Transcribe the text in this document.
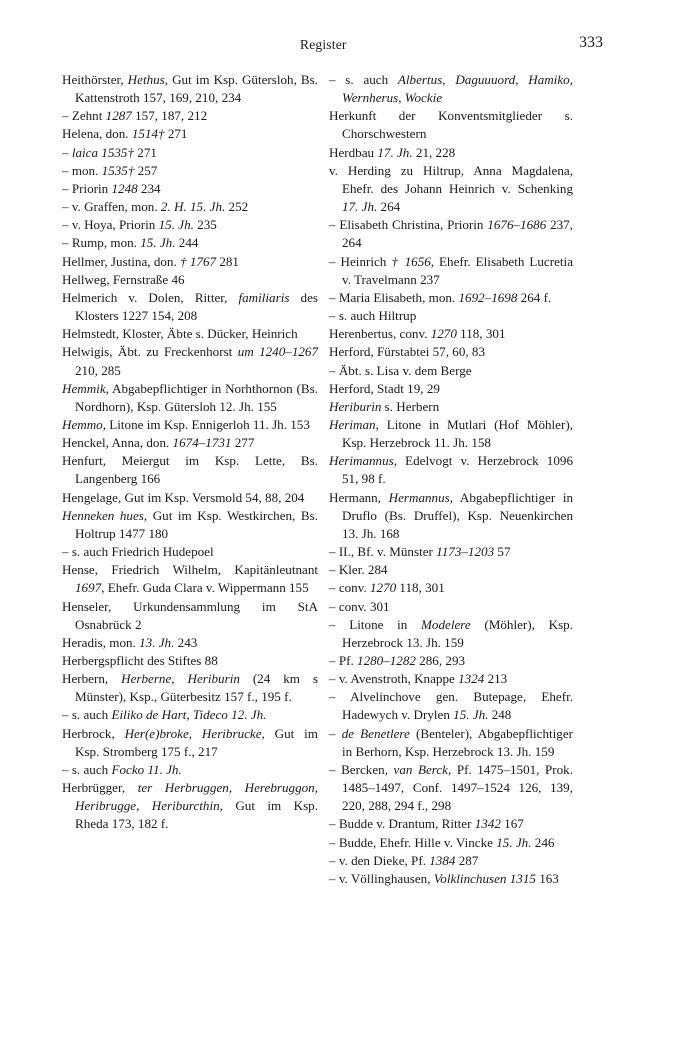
Register	333
Heithörster, Hethus, Gut im Ksp. Gütersloh, Bs. Kattenstroth 157, 169, 210, 234
– Zehnt 1287 157, 187, 212
Helena, don. 1514† 271
– laica 1535† 271
– mon. 1535† 257
– Priorin 1248 234
– v. Graffen, mon. 2. H. 15. Jh. 252
– v. Hoya, Priorin 15. Jh. 235
– Rump, mon. 15. Jh. 244
Hellmer, Justina, don. † 1767 281
Hellweg, Fernstraße 46
Helmerich v. Dolen, Ritter, familiaris des Klosters 1227 154, 208
Helmstedt, Kloster, Äbte s. Dücker, Heinrich
Helwigis, Äbt. zu Freckenhorst um 1240–1267 210, 285
Hemmik, Abgabepflichtiger in Norhthornon (Bs. Nordhorn), Ksp. Gütersloh 12. Jh. 155
Hemmo, Litone im Ksp. Ennigerloh 11. Jh. 153
Henckel, Anna, don. 1674–1731 277
Henfurt, Meiergut im Ksp. Lette, Bs. Langenberg 166
Hengelage, Gut im Ksp. Versmold 54, 88, 204
Henneken hues, Gut im Ksp. Westkirchen, Bs. Holtrup 1477 180
– s. auch Friedrich Hudepoel
Hense, Friedrich Wilhelm, Kapitänleutnant 1697, Ehefr. Guda Clara v. Wippermann 155
Henseler, Urkundensammlung im StA Osnabrück 2
Heradis, mon. 13. Jh. 243
Herbergspflicht des Stiftes 88
Herbern, Herberne, Heriburin (24 km s Münster), Ksp., Güterbesitz 157 f., 195 f.
– s. auch Eiliko de Hart, Tideco 12. Jh.
Herbrock, Her(e)broke, Heribrucke, Gut im Ksp. Stromberg 175 f., 217
– s. auch Focko 11. Jh.
Herbrügger, ter Herbruggen, Herebruggon, Heribrugge, Heriburcthin, Gut im Ksp. Rheda 173, 182 f.
– s. auch Albertus, Daguuuord, Hamiko, Wernherus, Wockie
Herkunft der Konventsmitglieder s. Chorschwestern
Herdbau 17. Jh. 21, 228
v. Herding zu Hiltrup, Anna Magdalena, Ehefr. des Johann Heinrich v. Schenking 17. Jh. 264
– Elisabeth Christina, Priorin 1676–1686 237, 264
– Heinrich † 1656, Ehefr. Elisabeth Lucretia v. Travelmann 237
– Maria Elisabeth, mon. 1692–1698 264 f.
– s. auch Hiltrup
Herenbertus, conv. 1270 118, 301
Herford, Fürstabtei 57, 60, 83
– Äbt. s. Lisa v. dem Berge
Herford, Stadt 19, 29
Heriburin s. Herbern
Heriman, Litone in Mutlari (Hof Möhler), Ksp. Herzebrock 11. Jh. 158
Herimannus, Edelvogt v. Herzebrock 1096 51, 98 f.
Hermann, Hermannus, Abgabepflichtiger in Druflo (Bs. Druffel), Ksp. Neuenkirchen 13. Jh. 168
– II., Bf. v. Münster 1173–1203 57
– Kler. 284
– conv. 1270 118, 301
– conv. 301
– Litone in Modelere (Möhler), Ksp. Herzebrock 13. Jh. 159
– Pf. 1280–1282 286, 293
– v. Avenstroth, Knappe 1324 213
– Alvelinchove gen. Butepage, Ehefr. Hadewych v. Drylen 15. Jh. 248
– de Benetlere (Benteler), Abgabepflichtiger in Berhorn, Ksp. Herzebrock 13. Jh. 159
– Bercken, van Berck, Pf. 1475–1501, Prok. 1485–1497, Conf. 1497–1524 126, 139, 220, 288, 294 f., 298
– Budde v. Drantum, Ritter 1342 167
– Budde, Ehefr. Hille v. Vincke 15. Jh. 246
– v. den Dieke, Pf. 1384 287
– v. Völlinghausen, Volklinchusen 1315 163
